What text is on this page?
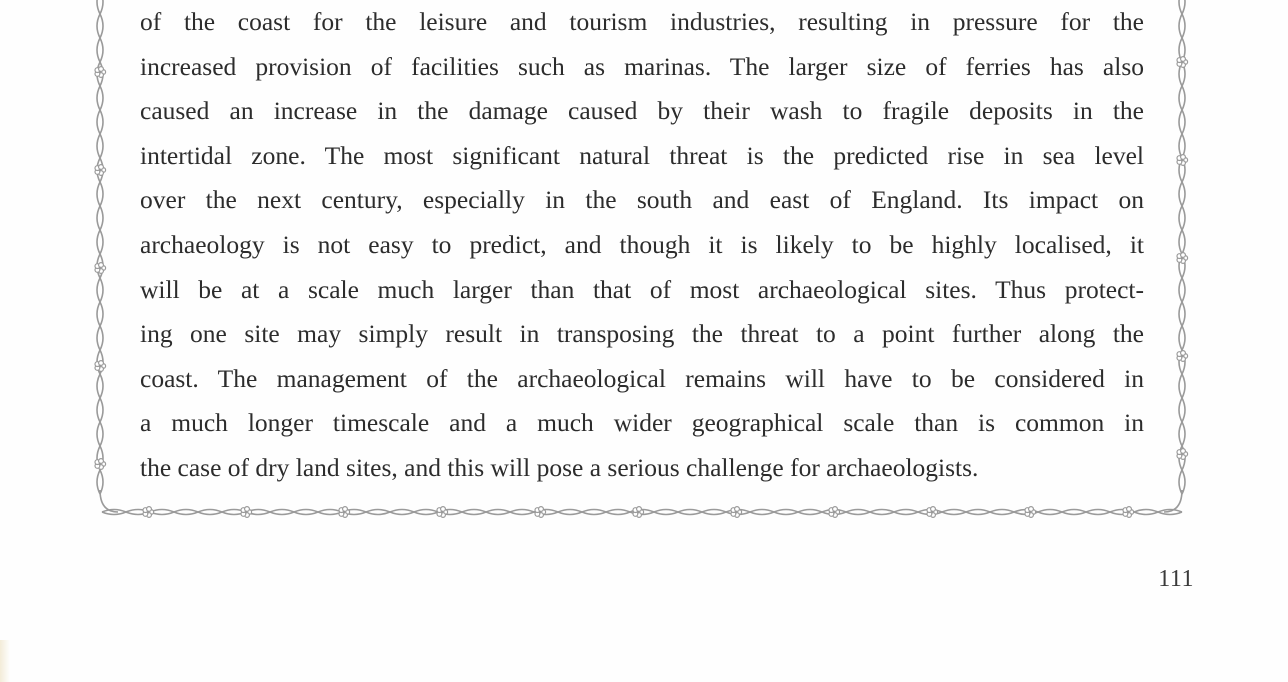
of the coast for the leisure and tourism industries, resulting in pressure for the
increased provision of facilities such as marinas. The larger size of ferries has also
caused an increase in the damage caused by their wash to fragile deposits in the
intertidal zone. The most significant natural threat is the predicted rise in sea level
over the next century, especially in the south and east of England. Its impact on
archaeology is not easy to predict, and though it is likely to be highly localised, it
will be at a scale much larger than that of most archaeological sites. Thus protect-
ing one site may simply result in transposing the threat to a point further along the
coast. The management of the archaeological remains will have to be considered in
a much longer timescale and a much wider geographical scale than is common in
the case of dry land sites, and this will pose a serious challenge for archaeologists.
111
